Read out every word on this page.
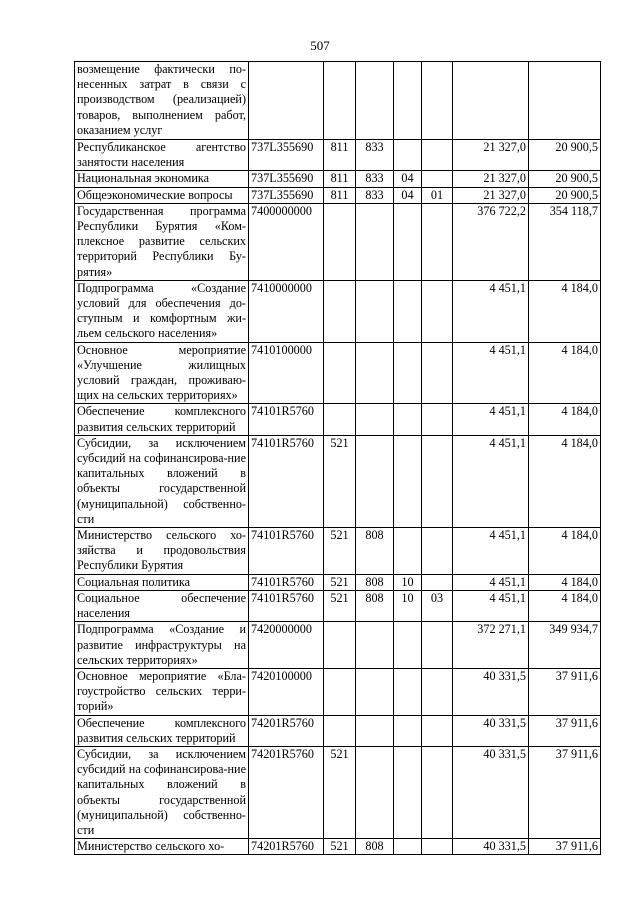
507
возмещение фактически по-несенных затрат в связи с производством (реализацией) товаров, выполнением работ, оказанием услуг							
Республиканское агентство занятости населения	737L355690	811	833			21 327,0	20 900,5
Национальная экономика	737L355690	811	833	04		21 327,0	20 900,5
Общеэкономические вопросы	737L355690	811	833	04	01	21 327,0	20 900,5
Государственная программа Республики Бурятия «Ком-плексное развитие сельских территорий Республики Бу-рятия»	7400000000					376 722,2	354 118,7
Подпрограмма «Создание условий для обеспечения до-ступным и комфортным жи-льем сельского населения»	7410000000					4 451,1	4 184,0
Основное мероприятие «Улучшение жилищных условий граждан, проживаю-щих на сельских территориях»	7410100000					4 451,1	4 184,0
Обеспечение комплексного развития сельских территорий	74101R5760					4 451,1	4 184,0
Субсидии, за исключением субсидий на софинансирова-ние капитальных вложений в объекты государственной (муниципальной) собственно-сти	74101R5760	521				4 451,1	4 184,0
Министерство сельского хо-зяйства и продовольствия Республики Бурятия	74101R5760	521	808			4 451,1	4 184,0
Социальная политика	74101R5760	521	808	10		4 451,1	4 184,0
Социальное обеспечение населения	74101R5760	521	808	10	03	4 451,1	4 184,0
Подпрограмма «Создание и развитие инфраструктуры на сельских территориях»	7420000000					372 271,1	349 934,7
Основное мероприятие «Бла-гоустройство сельских терри-торий»	7420100000					40 331,5	37 911,6
Обеспечение комплексного развития сельских территорий	74201R5760					40 331,5	37 911,6
Субсидии, за исключением субсидий на софинансирова-ние капитальных вложений в объекты государственной (муниципальной) собственно-сти	74201R5760	521				40 331,5	37 911,6
Министерство сельского хо-	74201R5760	521	808			40 331,5	37 911,6
